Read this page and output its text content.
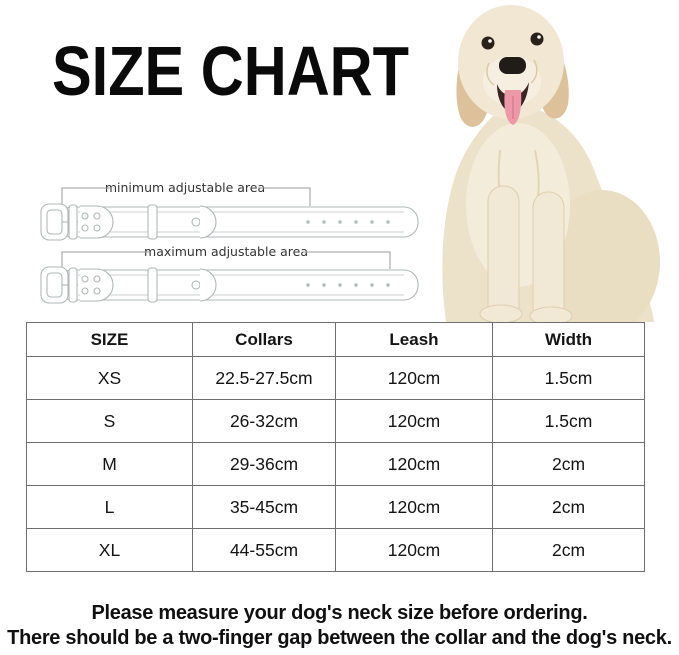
SIZE CHART
minimum adjustable area
maximum adjustable area
SIZE	Collars	Leash	Width
XS	22.5-27.5cm	120cm	1.5cm
S	26-32cm	120cm	1.5cm
M	29-36cm	120cm	2cm
L	35-45cm	120cm	2cm
XL	44-55cm	120cm	2cm
Please measure your dog's neck size before ordering.
There should be a two-finger gap between the collar and the dog's neck.
